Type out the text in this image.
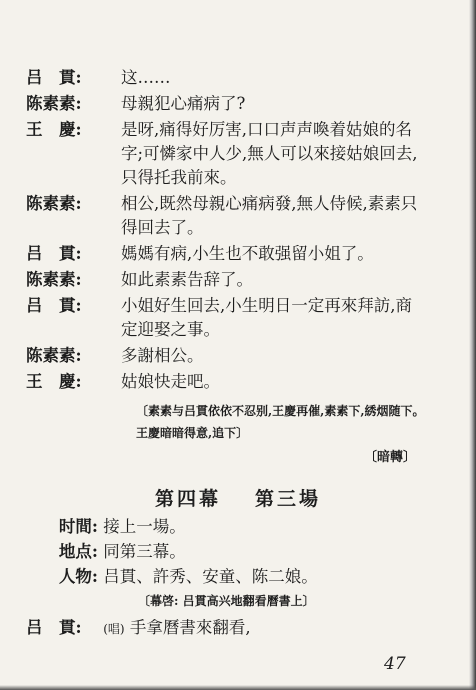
吕　貫:	这……
陈素素:	母親犯心痛病了?
王　慶:	是呀,痛得好厉害,口口声声喚着姑娘的名字;可憐家中人少,無人可以來接姑娘回去,只得托我前來。
陈素素:	相公,既然母親心痛病發,無人侍候,素素只得回去了。
吕　貫:	媽媽有病,小生也不敢强留小姐了。
陈素素:	如此素素告辞了。
吕　貫:	小姐好生回去,小生明日一定再來拜訪,商定迎娶之事。
陈素素:	多謝相公。
王　慶:	姑娘快走吧。
〔素素与吕貫依依不忍别,王慶再催,素素下,綉烟随下。王慶暗暗得意,追下〕
〔暗轉〕
第四幕 第三場
时間: 接上一場。
地点: 同第三幕。
人物: 吕貫、許秀、安童、陈二娘。
〔幕啓: 吕貫高兴地翻看曆書上〕
吕　貫: (唱) 手拿曆書來翻看,
47
